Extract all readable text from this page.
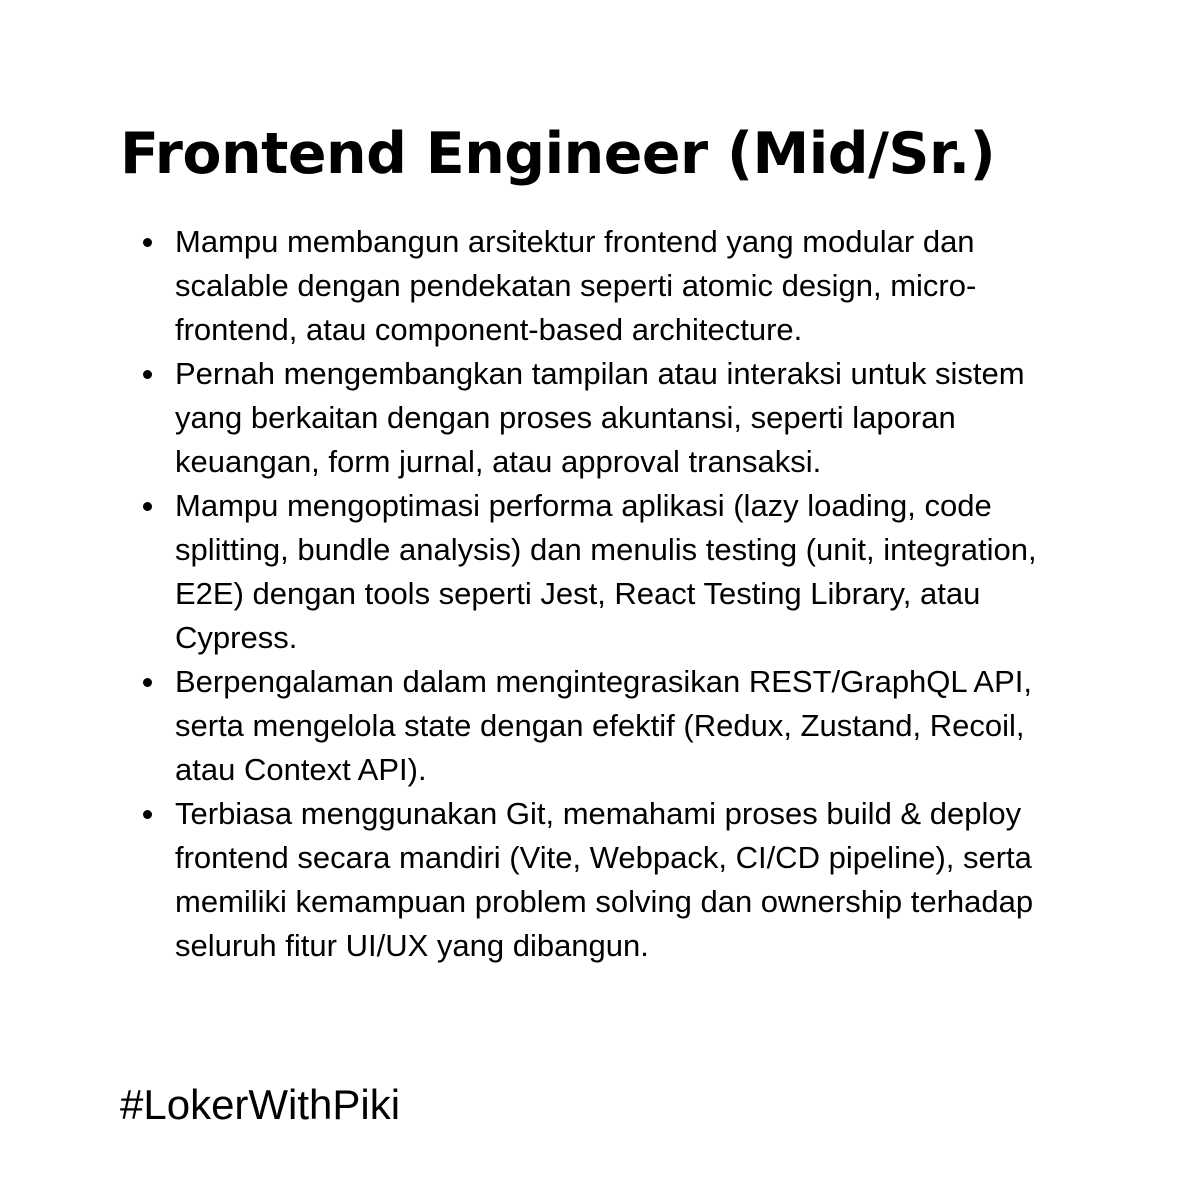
Frontend Engineer (Mid/Sr.)
Mampu membangun arsitektur frontend yang modular dan scalable dengan pendekatan seperti atomic design, micro-frontend, atau component-based architecture.
Pernah mengembangkan tampilan atau interaksi untuk sistem yang berkaitan dengan proses akuntansi, seperti laporan keuangan, form jurnal, atau approval transaksi.
Mampu mengoptimasi performa aplikasi (lazy loading, code splitting, bundle analysis) dan menulis testing (unit, integration, E2E) dengan tools seperti Jest, React Testing Library, atau Cypress.
Berpengalaman dalam mengintegrasikan REST/GraphQL API, serta mengelola state dengan efektif (Redux, Zustand, Recoil, atau Context API).
Terbiasa menggunakan Git, memahami proses build & deploy frontend secara mandiri (Vite, Webpack, CI/CD pipeline), serta memiliki kemampuan problem solving dan ownership terhadap seluruh fitur UI/UX yang dibangun.

#LokerWithPiki
